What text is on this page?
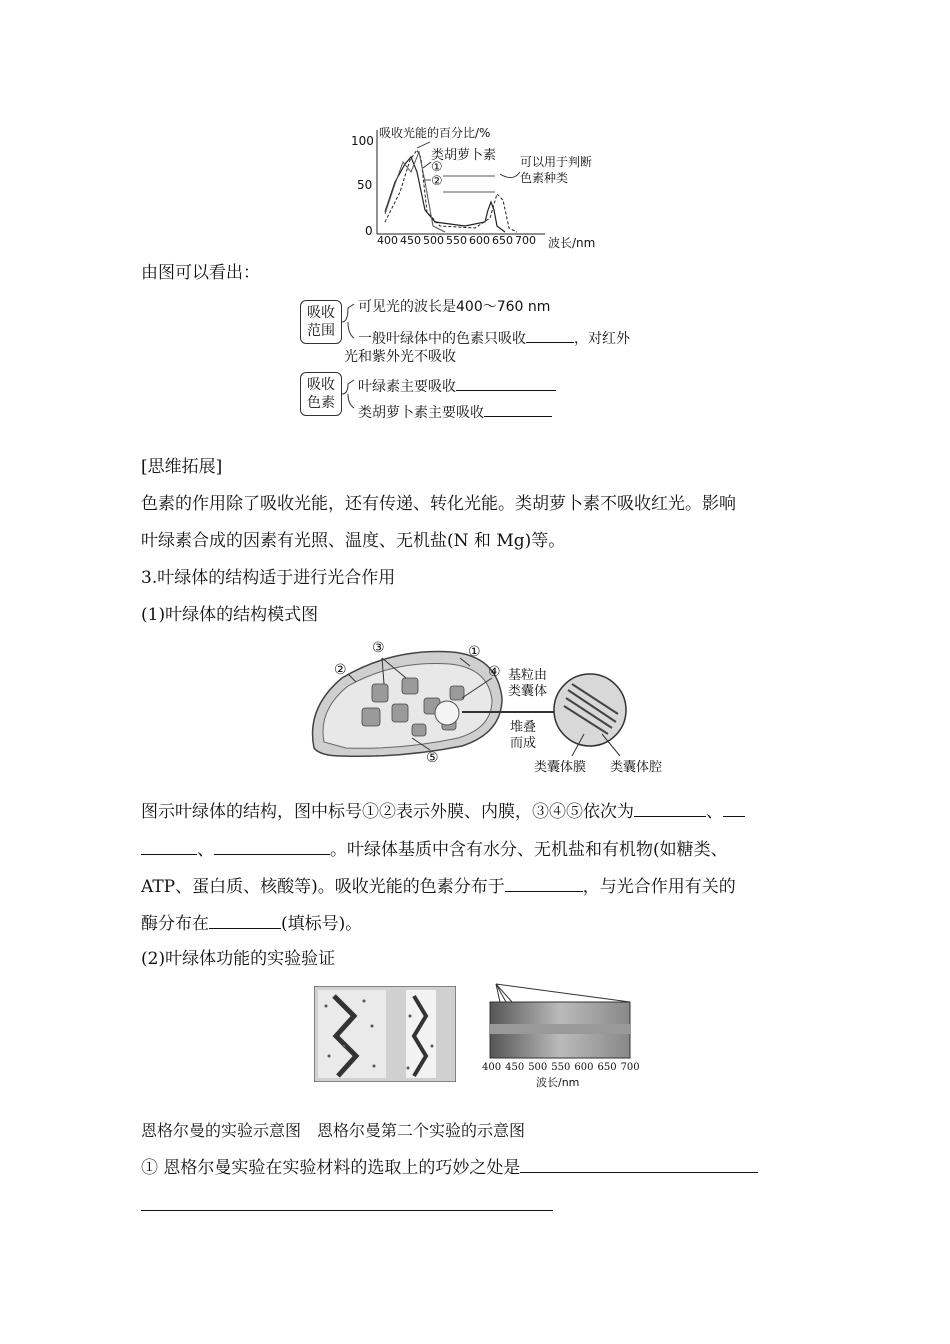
吸收光能的百分比/%
100
50
0
400 450 500 550 600 650 700 波长/nm
类胡萝卜素
①
②
可以用于判断色素种类
由图可以看出：
吸收范围
吸收色素
可见光的波长是400～760 nm
一般叶绿体中的色素只吸收	，对红外
光和紫外光不吸收
叶绿素主要吸收
类胡萝卜素主要吸收
[思维拓展]
色素的作用除了吸收光能，还有传递、转化光能。类胡萝卜素不吸收红光。影响
叶绿素合成的因素有光照、温度、无机盐(N 和 Mg)等。
3.叶绿体的结构适于进行光合作用
(1)叶绿体的结构模式图
①
②
③
④
⑤
基粒由类囊体
堆叠而成
类囊体膜 类囊体腔
图示叶绿体的结构，图中标号①②表示外膜、内膜，③④⑤依次为	、
、	。叶绿体基质中含有水分、无机盐和有机物(如糖类、
ATP、蛋白质、核酸等)。吸收光能的色素分布于	，与光合作用有关的
酶分布在	(填标号)。
(2)叶绿体功能的实验验证
400 450 500 550 600 650 700
波长/nm
恩格尔曼的实验示意图　恩格尔曼第二个实验的示意图
① 恩格尔曼实验在实验材料的选取上的巧妙之处是
